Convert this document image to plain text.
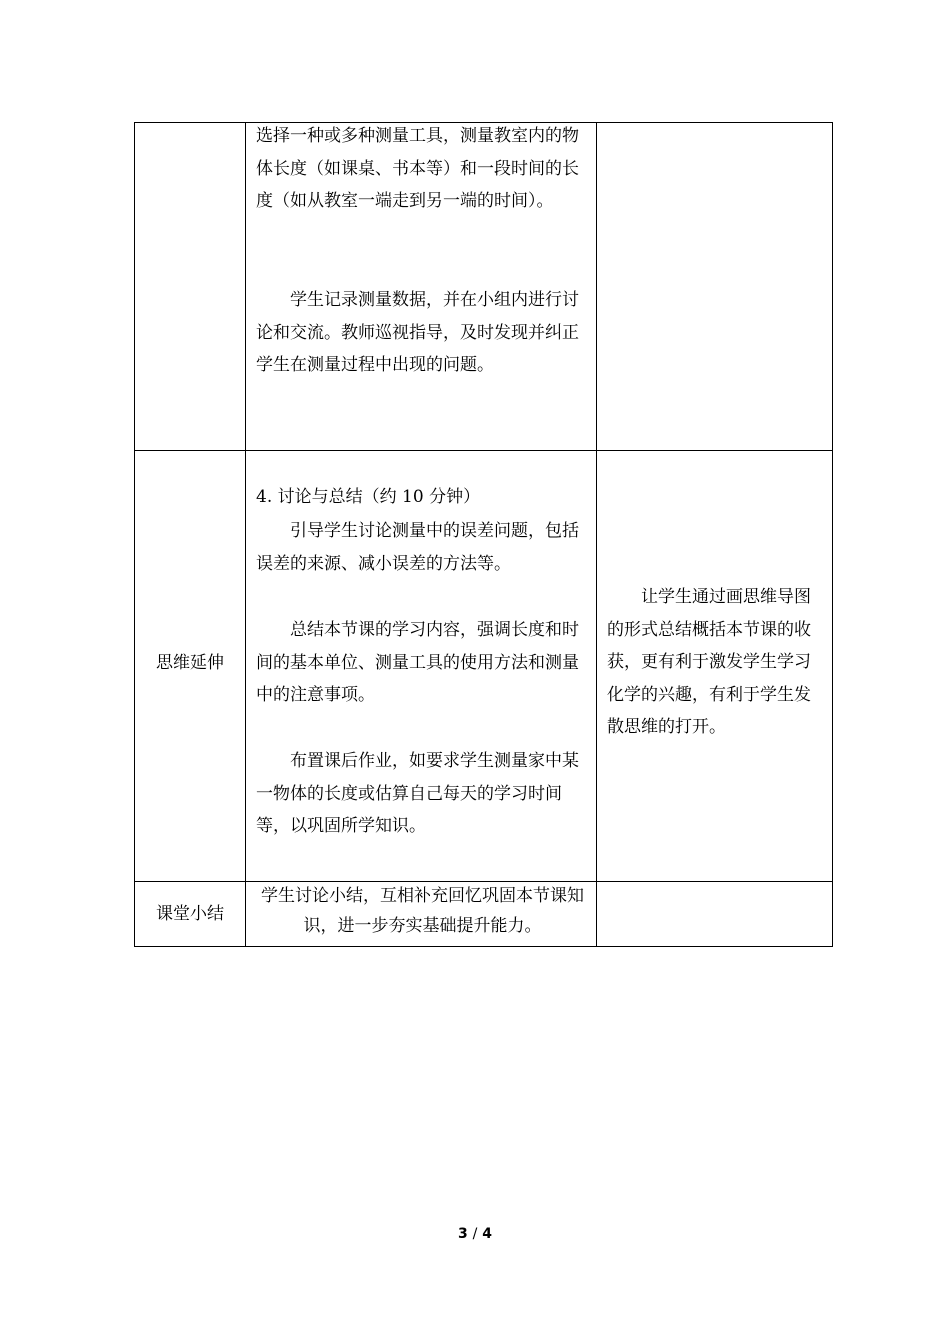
选择一种或多种测量工具，测量教室内的物体长度（如课桌、书本等）和一段时间的长度（如从教室一端走到另一端的时间）。

学生记录测量数据，并在小组内进行讨论和交流。教师巡视指导，及时发现并纠正学生在测量过程中出现的问题。

思维延伸

4. 讨论与总结（约 10 分钟）

引导学生讨论测量中的误差问题，包括误差的来源、减小误差的方法等。

总结本节课的学习内容，强调长度和时间的基本单位、测量工具的使用方法和测量中的注意事项。

布置课后作业，如要求学生测量家中某一物体的长度或估算自己每天的学习时间等，以巩固所学知识。

让学生通过画思维导图的形式总结概括本节课的收获，更有利于激发学生学习化学的兴趣，有利于学生发散思维的打开。

课堂小结

学生讨论小结，互相补充回忆巩固本节课知识，进一步夯实基础提升能力。

3 / 4
